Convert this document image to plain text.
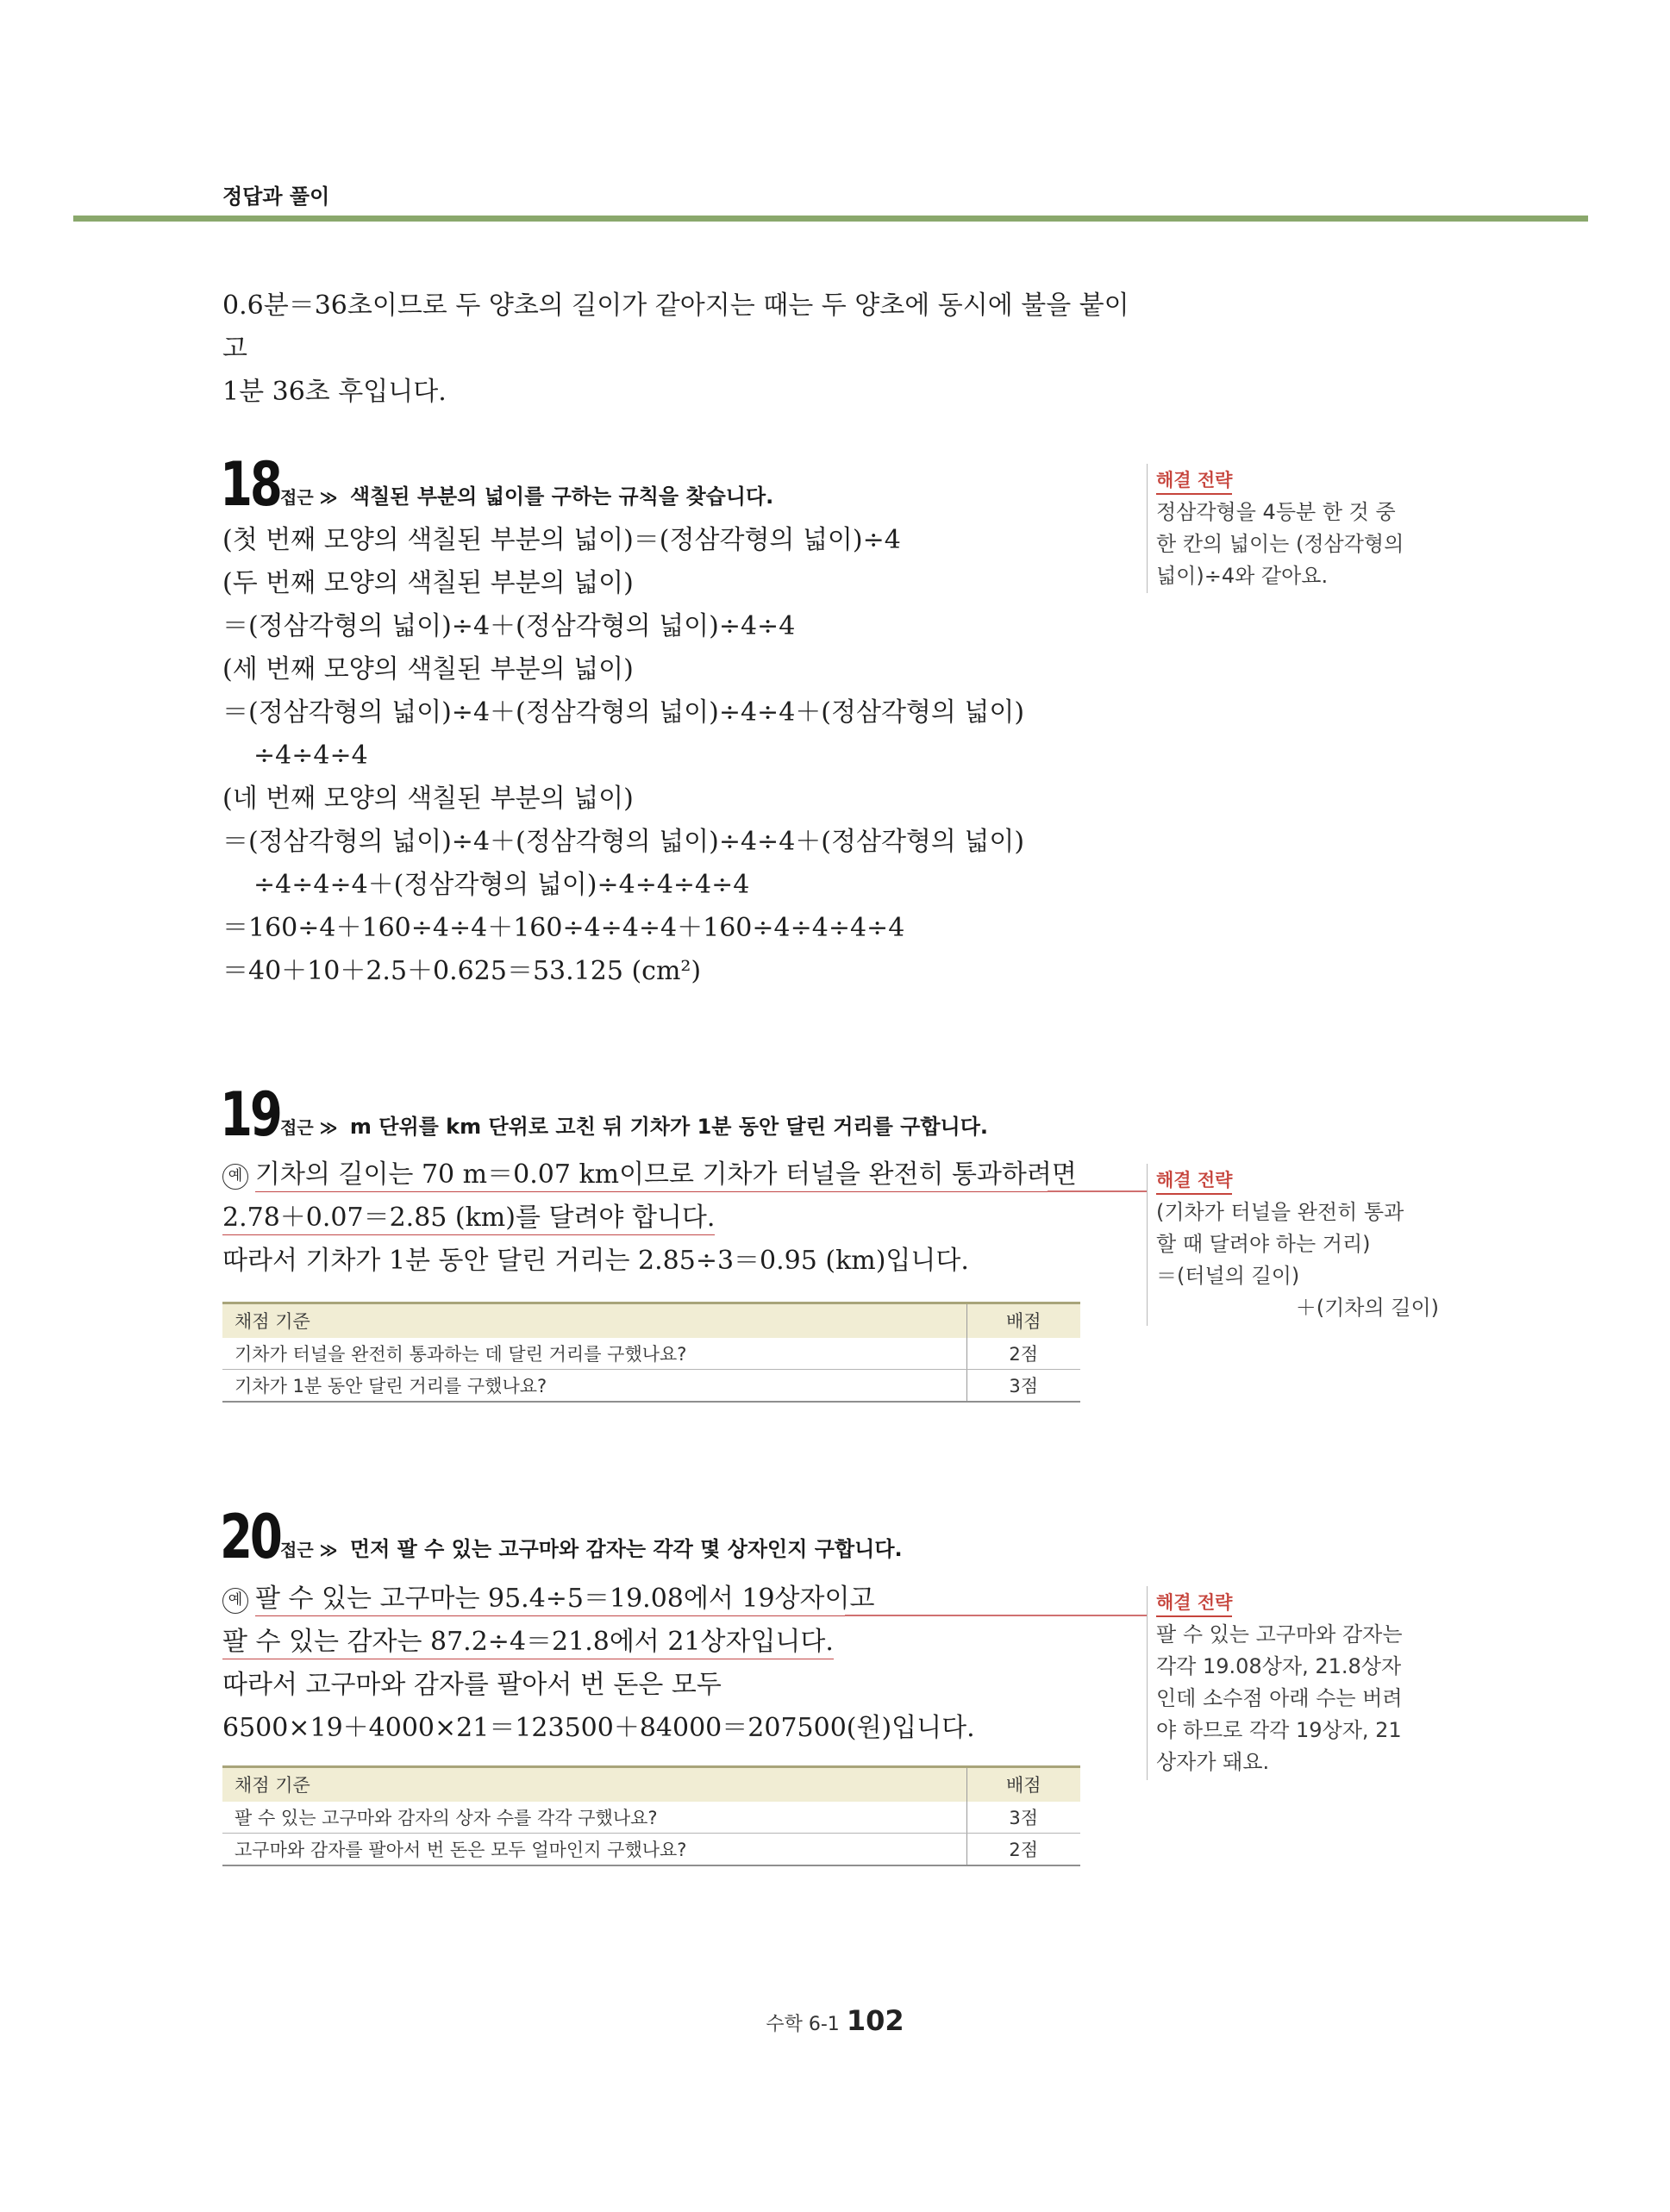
정답과 풀이
0.6분＝36초이므로 두 양초의 길이가 같아지는 때는 두 양초에 동시에 불을 붙이고
1분 36초 후입니다.
18 접근 ≫ 색칠된 부분의 넓이를 구하는 규칙을 찾습니다.
(첫 번째 모양의 색칠된 부분의 넓이)＝(정삼각형의 넓이)÷4
(두 번째 모양의 색칠된 부분의 넓이)
＝(정삼각형의 넓이)÷4＋(정삼각형의 넓이)÷4÷4
(세 번째 모양의 색칠된 부분의 넓이)
＝(정삼각형의 넓이)÷4＋(정삼각형의 넓이)÷4÷4＋(정삼각형의 넓이)
÷4÷4÷4
(네 번째 모양의 색칠된 부분의 넓이)
＝(정삼각형의 넓이)÷4＋(정삼각형의 넓이)÷4÷4＋(정삼각형의 넓이)
÷4÷4÷4＋(정삼각형의 넓이)÷4÷4÷4÷4
＝160÷4＋160÷4÷4＋160÷4÷4÷4＋160÷4÷4÷4÷4
＝40＋10＋2.5＋0.625＝53.125 (cm²)
해결 전략
정삼각형을 4등분 한 것 중
한 칸의 넓이는 (정삼각형의
넓이)÷4와 같아요.
19 접근 ≫ m 단위를 km 단위로 고친 뒤 기차가 1분 동안 달린 거리를 구합니다.
예 기차의 길이는 70 m＝0.07 km이므로 기차가 터널을 완전히 통과하려면
2.78＋0.07＝2.85 (km)를 달려야 합니다.
따라서 기차가 1분 동안 달린 거리는 2.85÷3＝0.95 (km)입니다.
해결 전략
(기차가 터널을 완전히 통과
할 때 달려야 하는 거리)
＝(터널의 길이)
＋(기차의 길이)
채점 기준	배점
기차가 터널을 완전히 통과하는 데 달린 거리를 구했나요?	2점
기차가 1분 동안 달린 거리를 구했나요?	3점
20 접근 ≫ 먼저 팔 수 있는 고구마와 감자는 각각 몇 상자인지 구합니다.
예 팔 수 있는 고구마는 95.4÷5＝19.08에서 19상자이고
팔 수 있는 감자는 87.2÷4＝21.8에서 21상자입니다.
따라서 고구마와 감자를 팔아서 번 돈은 모두
6500×19＋4000×21＝123500＋84000＝207500(원)입니다.
해결 전략
팔 수 있는 고구마와 감자는
각각 19.08상자, 21.8상자
인데 소수점 아래 수는 버려
야 하므로 각각 19상자, 21
상자가 돼요.
채점 기준	배점
팔 수 있는 고구마와 감자의 상자 수를 각각 구했나요?	3점
고구마와 감자를 팔아서 번 돈은 모두 얼마인지 구했나요?	2점
수학 6-1 102
